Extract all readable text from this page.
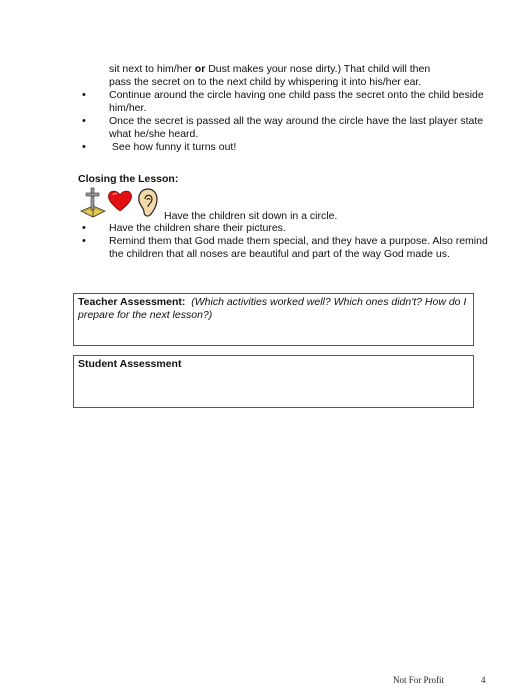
sit next to him/her or Dust makes your nose dirty.) That child will then
pass the secret on to the next child by whispering it into his/her ear.

• Continue around the circle having one child pass the secret onto the child beside him/her.

• Once the secret is passed all the way around the circle have the last player state what he/she heard.

• See how funny it turns out!

Closing the Lesson:
Have the children sit down in a circle.

• Have the children share their pictures.

• Remind them that God made them special, and they have a purpose. Also remind the children that all noses are beautiful and part of the way God made us.

Teacher Assessment: (Which activities worked well? Which ones didn't? How do I prepare for the next lesson?)
Student Assessment
Not For Profit	4
